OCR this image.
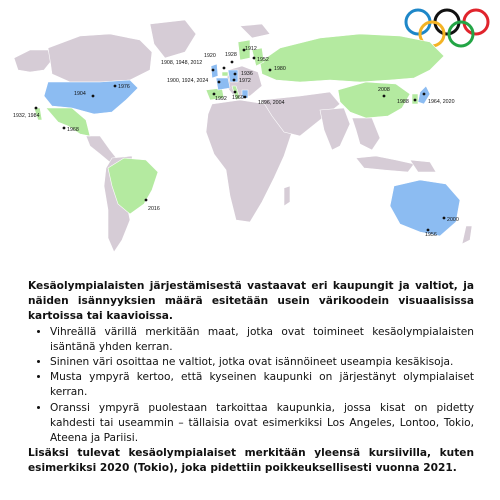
1904
1976
1932, 1984
1968
1912
1908, 1948, 2012
1920 1928
1952
1980
1900, 1924, 2024
1936
1972
1992 1960
1896, 2004
2008
1988	1964, 2020
2016
2000
1956

Kesäolympialaisten järjestämisestä vastaavat eri kaupungit ja valtiot, ja näiden isännyyksien määrä esitetään usein värikoodein visuaalisissa kartoissa tai kaavioissa.

• Vihreällä värillä merkitään maat, jotka ovat toimineet kesäolympialaisten isäntänä yhden kerran.
• Sininen väri osoittaa ne valtiot, jotka ovat isännöineet useampia kesäkisoja.
• Musta ympyrä kertoo, että kyseinen kaupunki on järjestänyt olympialaiset kerran.
• Oranssi ympyrä puolestaan tarkoittaa kaupunkia, jossa kisat on pidetty kahdesti tai useammin – tällaisia ovat esimerkiksi Los Angeles, Lontoo, Tokio, Ateena ja Pariisi.

Lisäksi tulevat kesäolympialaiset merkitään yleensä kursiivilla, kuten esimerkiksi 2020 (Tokio), joka pidettiin poikkeuksellisesti vuonna 2021.
